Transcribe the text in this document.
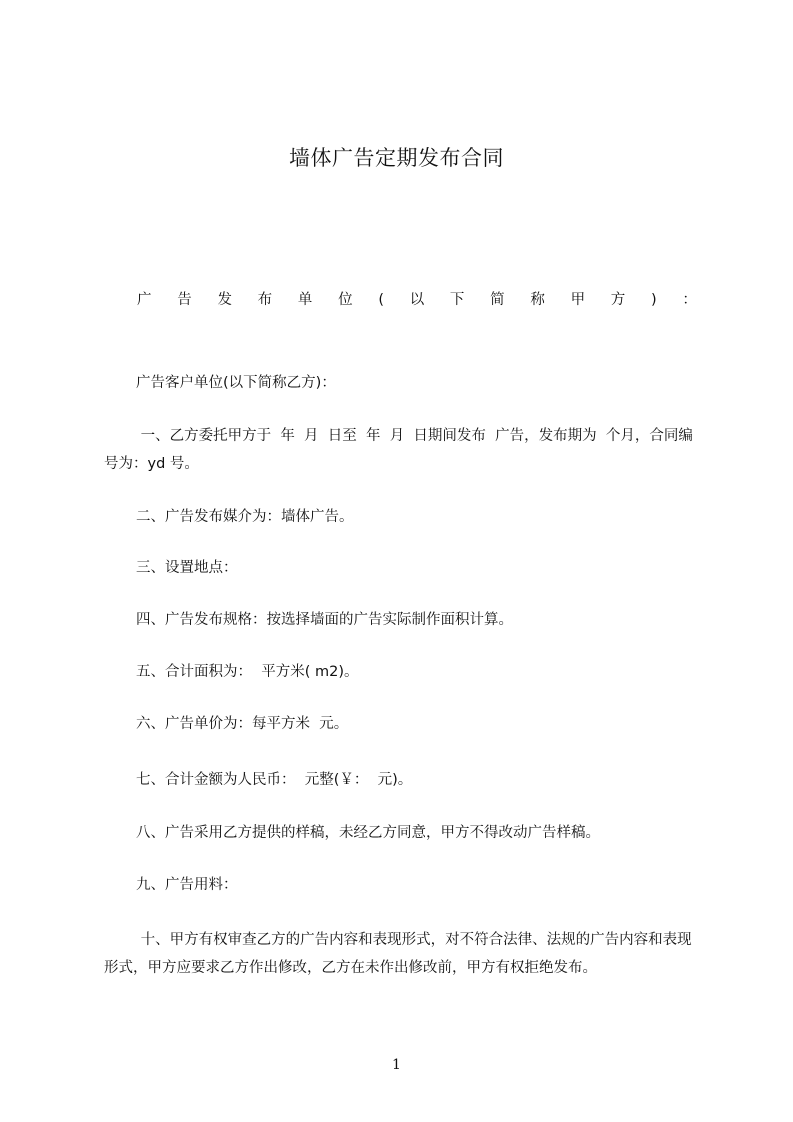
墙体广告定期发布合同
广 告 发 布 单 位 ( 以 下 简 称 甲 方 ) ：

广告客户单位(以下简称乙方)：

一、乙方委托甲方于  年  月  日至  年  月  日期间发布  广告，发布期为  个月，合同编号为：yd 号。

二、广告发布媒介为：墙体广告。

三、设置地点：

四、广告发布规格：按选择墙面的广告实际制作面积计算。

五、合计面积为：  平方米( m2)。

六、广告单价为：每平方米  元。

七、合计金额为人民币：  元整(￥：  元)。

八、广告采用乙方提供的样稿，未经乙方同意，甲方不得改动广告样稿。

九、广告用料：

十、甲方有权审查乙方的广告内容和表现形式，对不符合法律、法规的广告内容和表现形式，甲方应要求乙方作出修改，乙方在未作出修改前，甲方有权拒绝发布。

1
